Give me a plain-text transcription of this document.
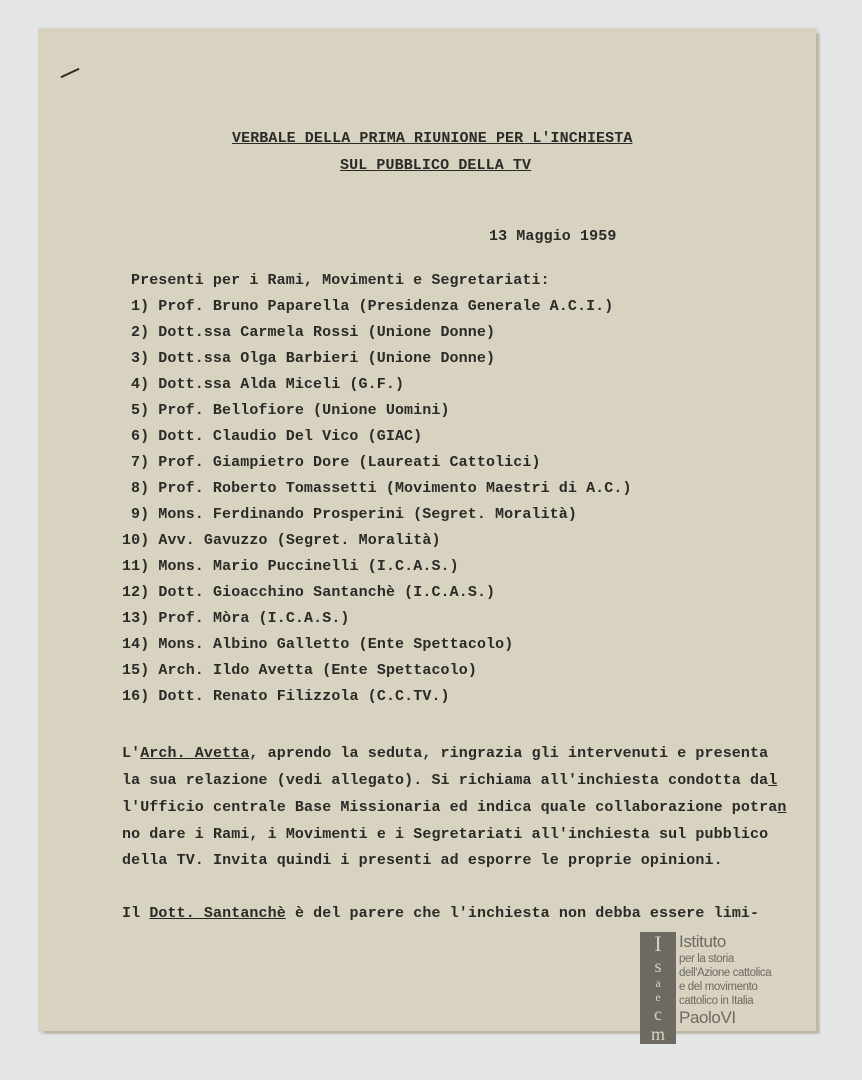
VERBALE DELLA PRIMA RIUNIONE PER L'INCHIESTA
SUL PUBBLICO DELLA TV
13 Maggio 1959
Presenti per i Rami, Movimenti e Segretariati:
1) Prof. Bruno Paparella (Presidenza Generale A.C.I.)
2) Dott.ssa Carmela Rossi (Unione Donne)
3) Dott.ssa Olga Barbieri (Unione Donne)
4) Dott.ssa Alda Miceli (G.F.)
5) Prof. Bellofiore (Unione Uomini)
6) Dott. Claudio Del Vico (GIAC)
7) Prof. Giampietro Dore (Laureati Cattolici)
8) Prof. Roberto Tomassetti (Movimento Maestri di A.C.)
9) Mons. Ferdinando Prosperini (Segret. Moralità)
10) Avv. Gavuzzo (Segret. Moralità)
11) Mons. Mario Puccinelli (I.C.A.S.)
12) Dott. Gioacchino Santanchè (I.C.A.S.)
13) Prof. Mòra (I.C.A.S.)
14) Mons. Albino Galletto (Ente Spettacolo)
15) Arch. Ildo Avetta (Ente Spettacolo)
16) Dott. Renato Filizzola (C.C.TV.)
L'Arch. Avetta, aprendo la seduta, ringrazia gli intervenuti e presenta
la sua relazione (vedi allegato). Si richiama all'inchiesta condotta dal
l'Ufficio centrale Base Missionaria ed indica quale collaborazione potran
no dare i Rami, i Movimenti e i Segretariati all'inchiesta sul pubblico
della TV. Invita quindi i presenti ad esporre le proprie opinioni.
Il Dott. Santanchè è del parere che l'inchiesta non debba essere limi-
I
s
a
e
c
m
Istituto
per la storia
dell'Azione cattolica
e del movimento
cattolico in Italia
PaoloVI
